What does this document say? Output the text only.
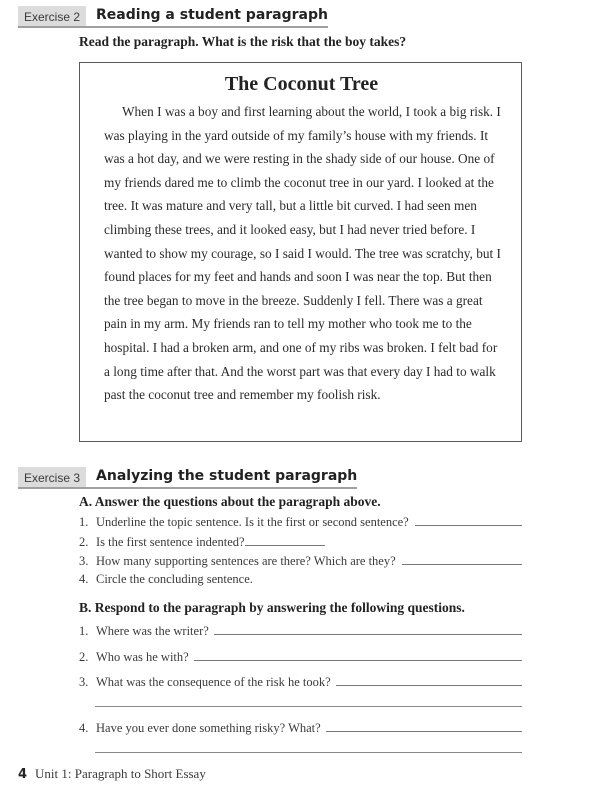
Exercise 2	Reading a student paragraph
Read the paragraph. What is the risk that the boy takes?
The Coconut Tree

When I was a boy and first learning about the world, I took a big risk. I was playing in the yard outside of my family’s house with my friends. It was a hot day, and we were resting in the shady side of our house. One of my friends dared me to climb the coconut tree in our yard. I looked at the tree. It was mature and very tall, but a little bit curved. I had seen men climbing these trees, and it looked easy, but I had never tried before. I wanted to show my courage, so I said I would. The tree was scratchy, but I found places for my feet and hands and soon I was near the top. But then the tree began to move in the breeze. Suddenly I fell. There was a great pain in my arm. My friends ran to tell my mother who took me to the hospital. I had a broken arm, and one of my ribs was broken. I felt bad for a long time after that. And the worst part was that every day I had to walk past the coconut tree and remember my foolish risk.

Exercise 3	Analyzing the student paragraph
A. Answer the questions about the paragraph above.
1. Underline the topic sentence. Is it the first or second sentence?
2. Is the first sentence indented?
3. How many supporting sentences are there? Which are they?
4. Circle the concluding sentence.
B. Respond to the paragraph by answering the following questions.
1. Where was the writer?
2. Who was he with?
3. What was the consequence of the risk he took?
4. Have you ever done something risky? What?
4 Unit 1: Paragraph to Short Essay
